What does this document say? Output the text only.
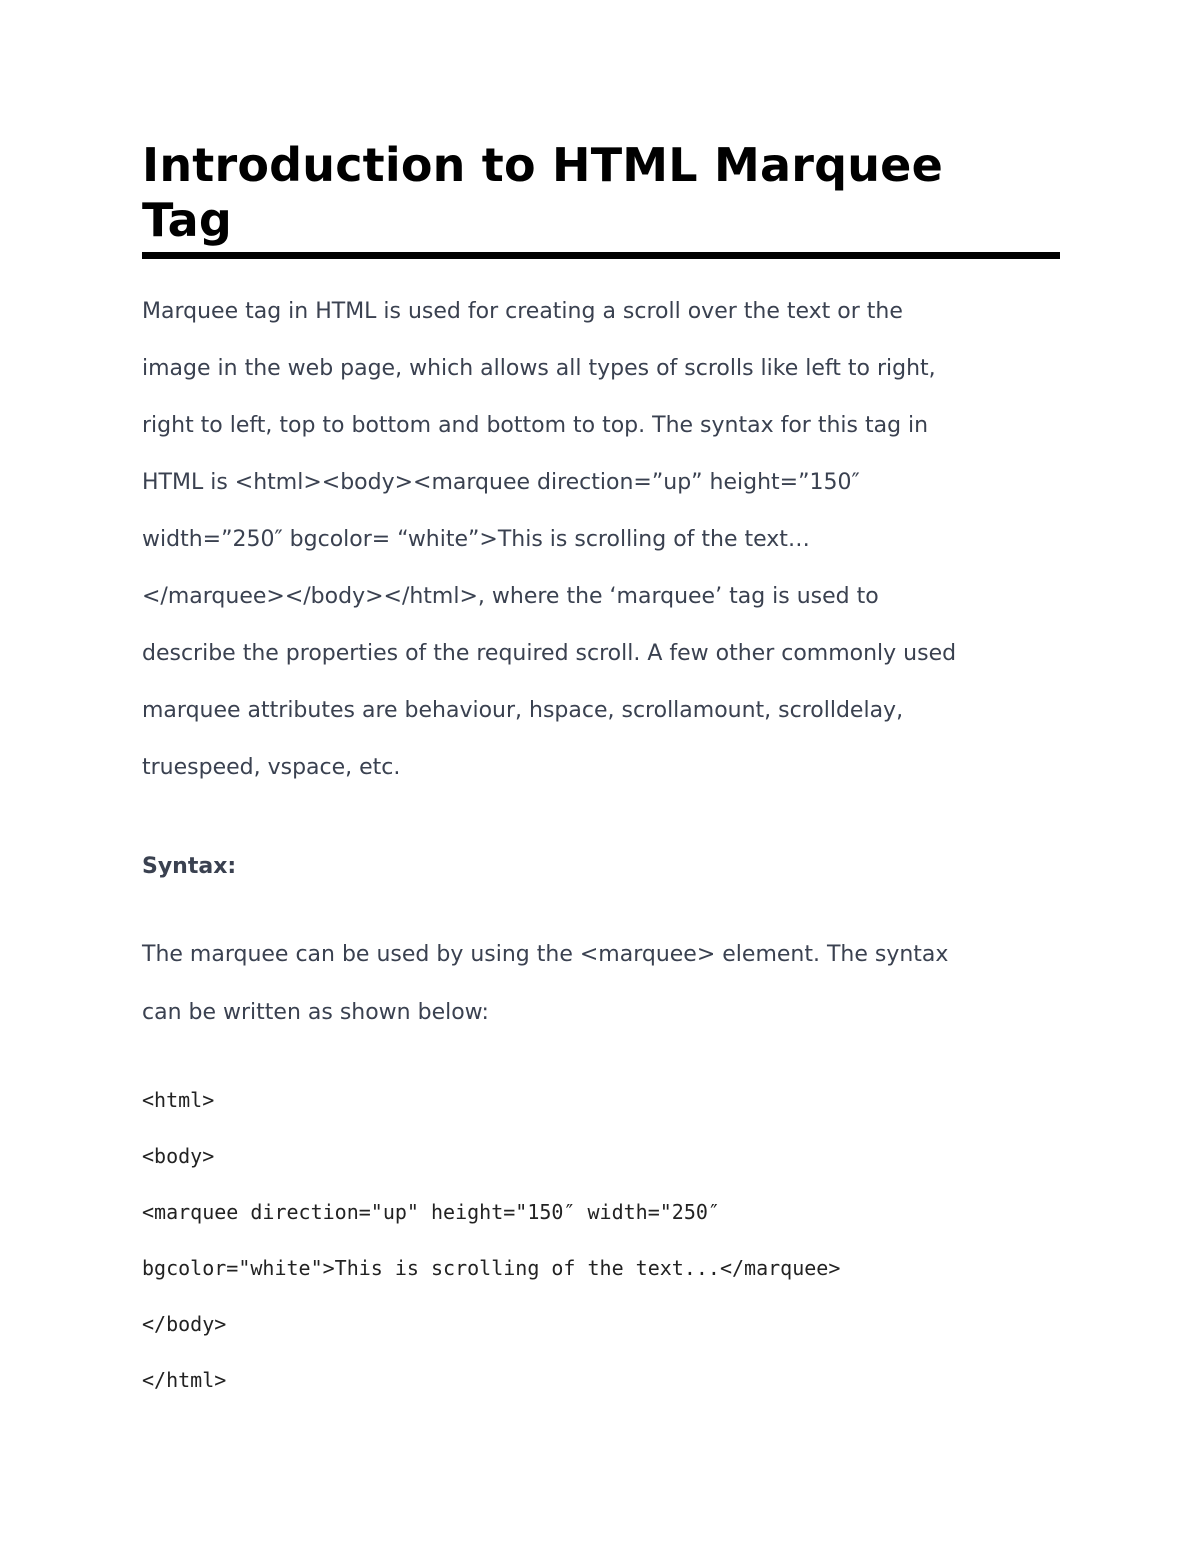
Introduction to HTML Marquee
Tag

Marquee tag in HTML is used for creating a scroll over the text or the
image in the web page, which allows all types of scrolls like left to right,
right to left, top to bottom and bottom to top. The syntax for this tag in
HTML is <html><body><marquee direction=”up” height=”150″
width=”250″ bgcolor= “white”>This is scrolling of the text…
</marquee></body></html>, where the ‘marquee’ tag is used to
describe the properties of the required scroll. A few other commonly used
marquee attributes are behaviour, hspace, scrollamount, scrolldelay,
truespeed, vspace, etc.

Syntax:

The marquee can be used by using the <marquee> element. The syntax
can be written as shown below:

<html>
<body>
<marquee direction="up" height="150″ width="250″
bgcolor="white">This is scrolling of the text...</marquee>
</body>
</html>
